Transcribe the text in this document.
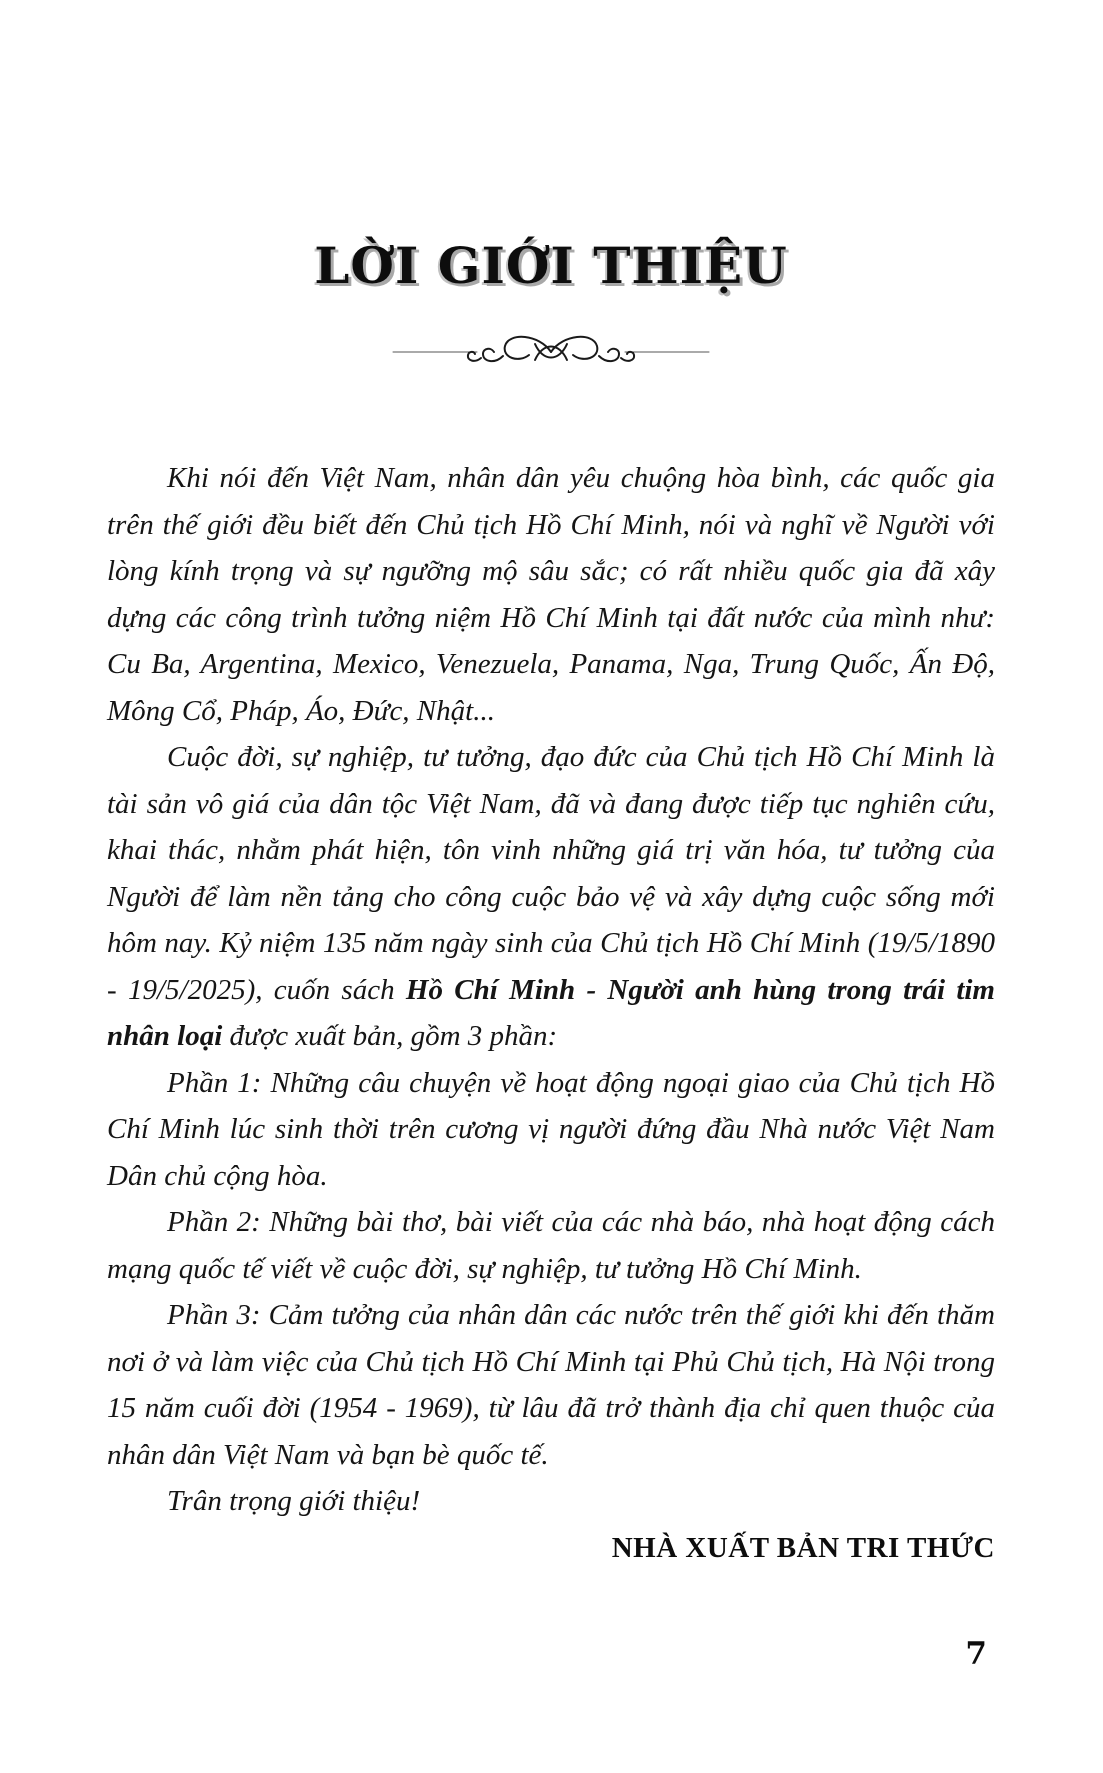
LỜI GIỚI THIỆU

Khi nói đến Việt Nam, nhân dân yêu chuộng hòa bình, các quốc gia trên thế giới đều biết đến Chủ tịch Hồ Chí Minh, nói và nghĩ về Người với lòng kính trọng và sự ngưỡng mộ sâu sắc; có rất nhiều quốc gia đã xây dựng các công trình tưởng niệm Hồ Chí Minh tại đất nước của mình như: Cu Ba, Argentina, Mexico, Venezuela, Panama, Nga, Trung Quốc, Ấn Độ, Mông Cổ, Pháp, Áo, Đức, Nhật...

Cuộc đời, sự nghiệp, tư tưởng, đạo đức của Chủ tịch Hồ Chí Minh là tài sản vô giá của dân tộc Việt Nam, đã và đang được tiếp tục nghiên cứu, khai thác, nhằm phát hiện, tôn vinh những giá trị văn hóa, tư tưởng của Người để làm nền tảng cho công cuộc bảo vệ và xây dựng cuộc sống mới hôm nay. Kỷ niệm 135 năm ngày sinh của Chủ tịch Hồ Chí Minh (19/5/1890 - 19/5/2025), cuốn sách Hồ Chí Minh - Người anh hùng trong trái tim nhân loại được xuất bản, gồm 3 phần:

Phần 1: Những câu chuyện về hoạt động ngoại giao của Chủ tịch Hồ Chí Minh lúc sinh thời trên cương vị người đứng đầu Nhà nước Việt Nam Dân chủ cộng hòa.

Phần 2: Những bài thơ, bài viết của các nhà báo, nhà hoạt động cách mạng quốc tế viết về cuộc đời, sự nghiệp, tư tưởng Hồ Chí Minh.

Phần 3: Cảm tưởng của nhân dân các nước trên thế giới khi đến thăm nơi ở và làm việc của Chủ tịch Hồ Chí Minh tại Phủ Chủ tịch, Hà Nội trong 15 năm cuối đời (1954 - 1969), từ lâu đã trở thành địa chỉ quen thuộc của nhân dân Việt Nam và bạn bè quốc tế.

Trân trọng giới thiệu!

NHÀ XUẤT BẢN TRI THỨC

7
